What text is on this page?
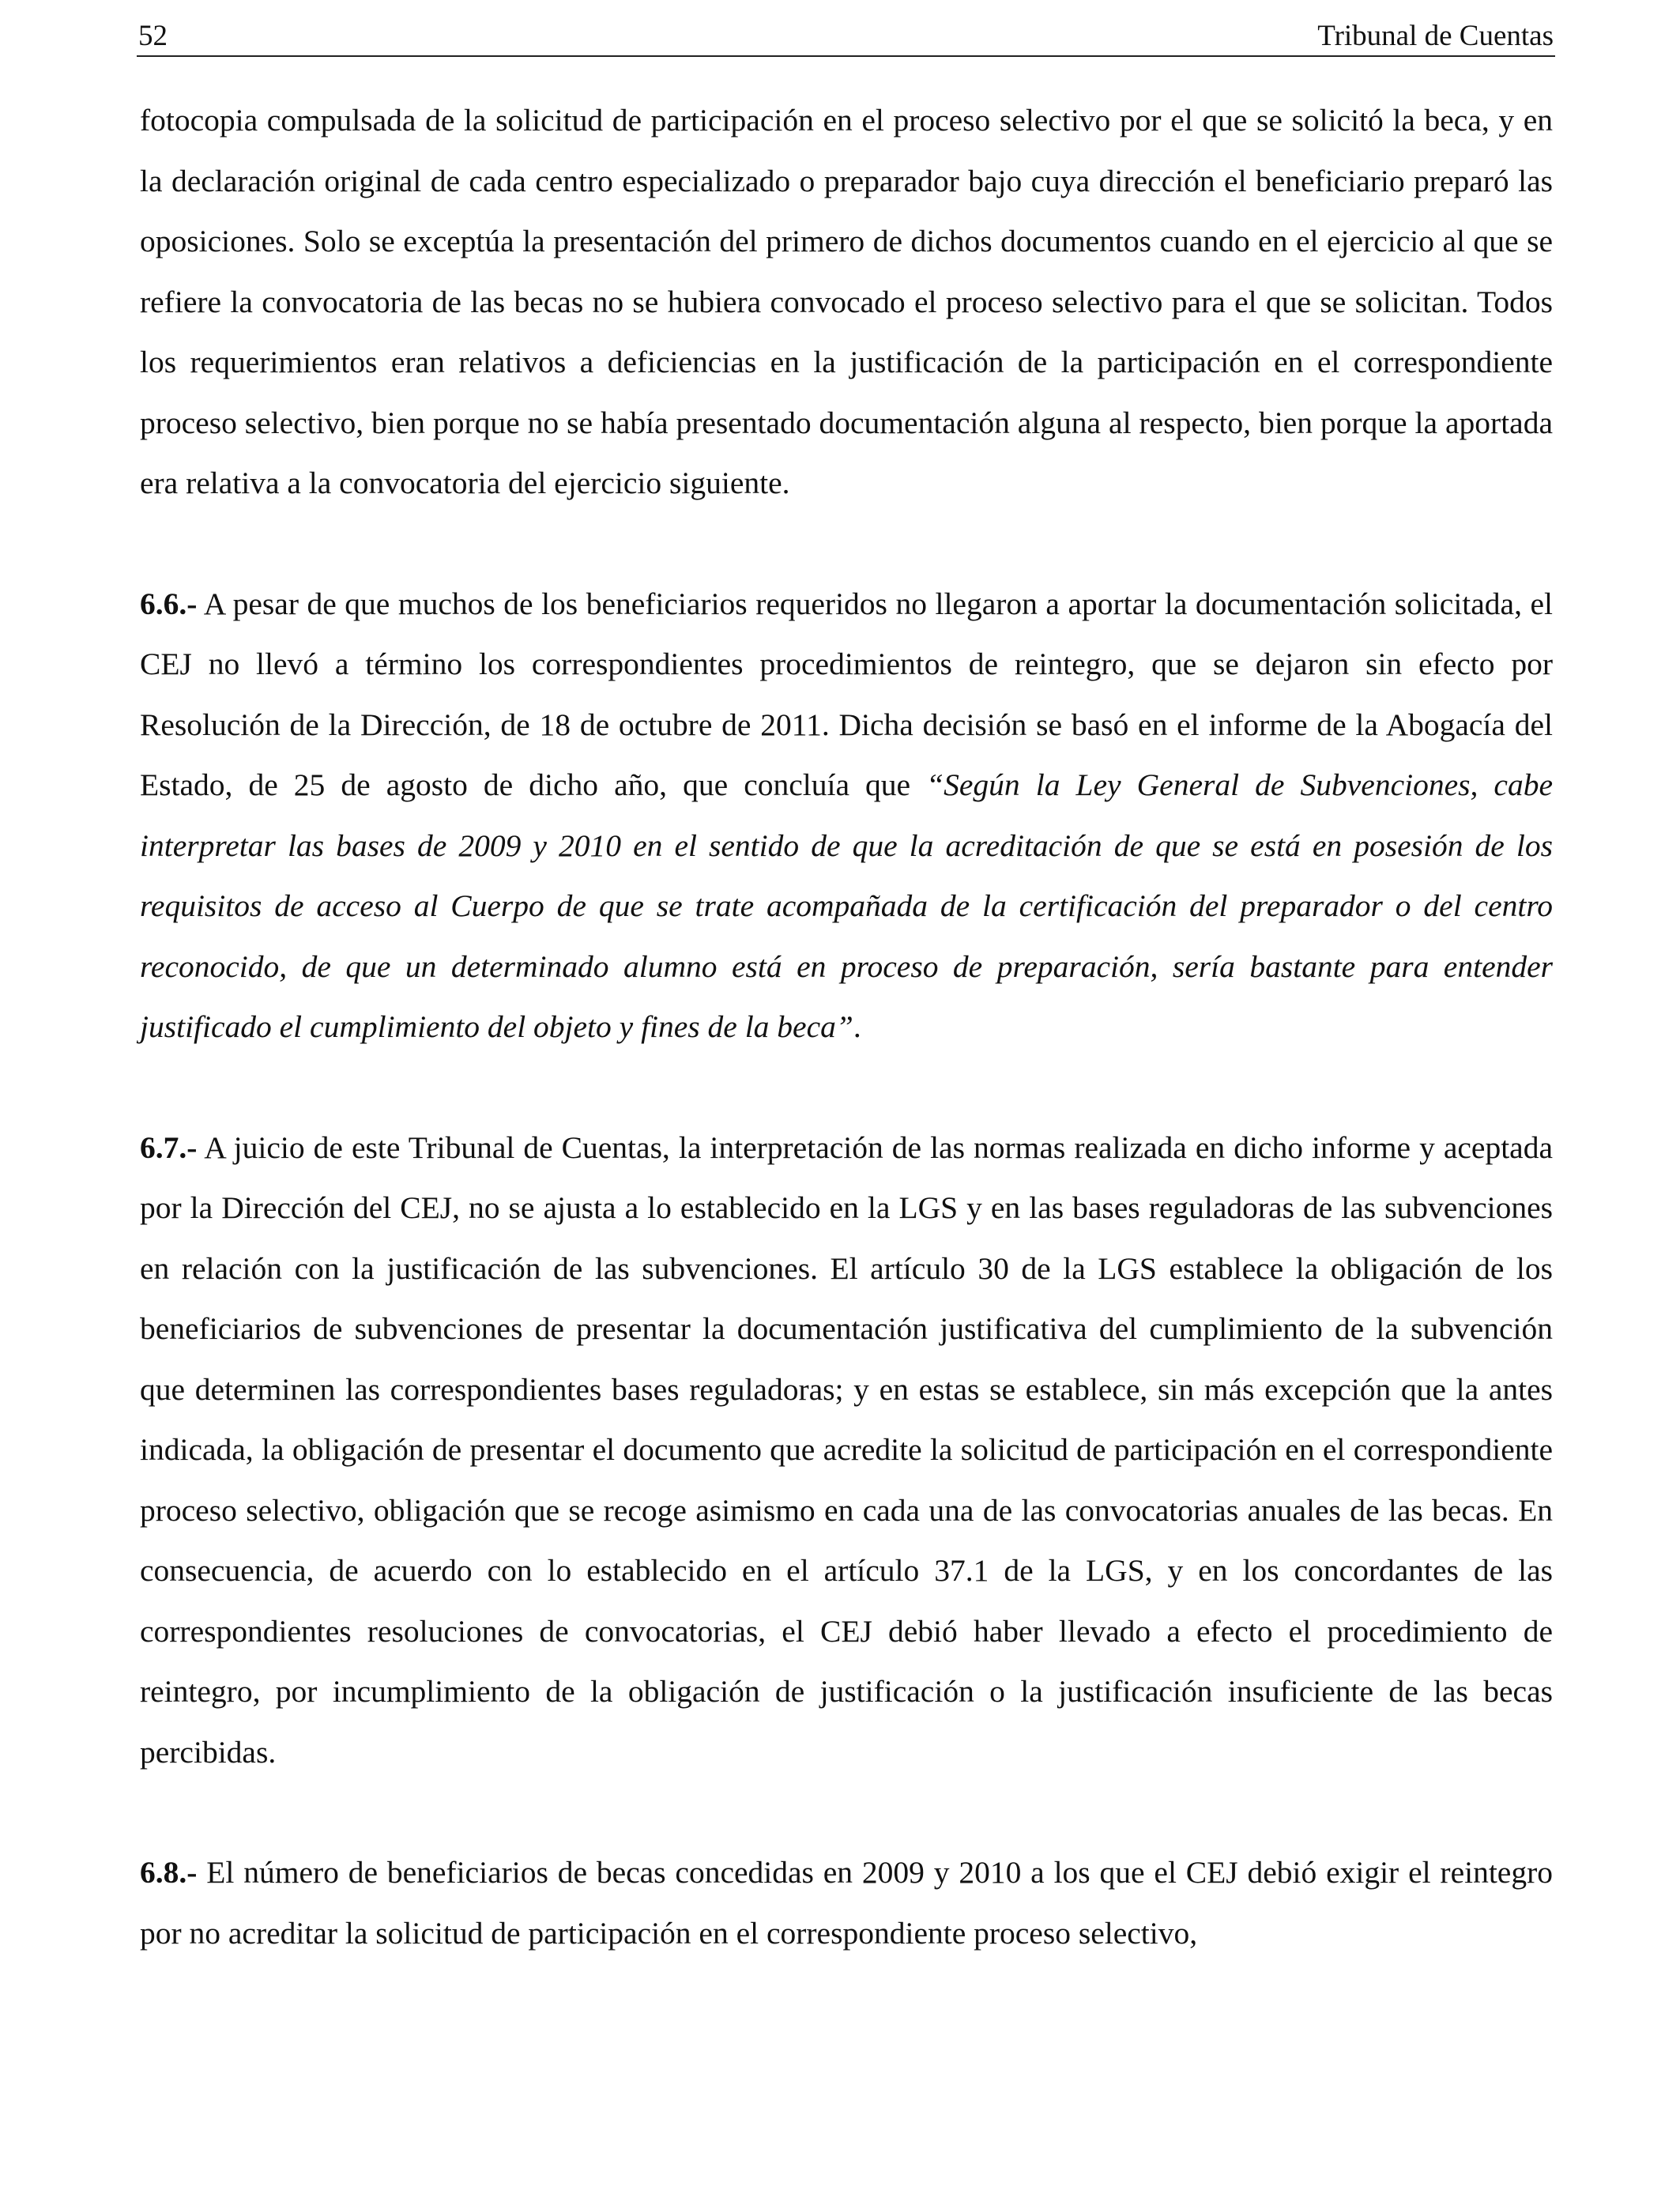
52	Tribunal de Cuentas

fotocopia compulsada de la solicitud de participación en el proceso selectivo por el que se solicitó la beca, y en la declaración original de cada centro especializado o preparador bajo cuya dirección el beneficiario preparó las oposiciones. Solo se exceptúa la presentación del primero de dichos documentos cuando en el ejercicio al que se refiere la convocatoria de las becas no se hubiera convocado el proceso selectivo para el que se solicitan. Todos los requerimientos eran relativos a deficiencias en la justificación de la participación en el correspondiente proceso selectivo, bien porque no se había presentado documentación alguna al respecto, bien porque la aportada era relativa a la convocatoria del ejercicio siguiente.

6.6.- A pesar de que muchos de los beneficiarios requeridos no llegaron a aportar la documentación solicitada, el CEJ no llevó a término los correspondientes procedimientos de reintegro, que se dejaron sin efecto por Resolución de la Dirección, de 18 de octubre de 2011. Dicha decisión se basó en el informe de la Abogacía del Estado, de 25 de agosto de dicho año, que concluía que “Según la Ley General de Subvenciones, cabe interpretar las bases de 2009 y 2010 en el sentido de que la acreditación de que se está en posesión de los requisitos de acceso al Cuerpo de que se trate acompañada de la certificación del preparador o del centro reconocido, de que un determinado alumno está en proceso de preparación, sería bastante para entender justificado el cumplimiento del objeto y fines de la beca”.

6.7.- A juicio de este Tribunal de Cuentas, la interpretación de las normas realizada en dicho informe y aceptada por la Dirección del CEJ, no se ajusta a lo establecido en la LGS y en las bases reguladoras de las subvenciones en relación con la justificación de las subvenciones. El artículo 30 de la LGS establece la obligación de los beneficiarios de subvenciones de presentar la documentación justificativa del cumplimiento de la subvención que determinen las correspondientes bases reguladoras; y en estas se establece, sin más excepción que la antes indicada, la obligación de presentar el documento que acredite la solicitud de participación en el correspondiente proceso selectivo, obligación que se recoge asimismo en cada una de las convocatorias anuales de las becas. En consecuencia, de acuerdo con lo establecido en el artículo 37.1 de la LGS, y en los concordantes de las correspondientes resoluciones de convocatorias, el CEJ debió haber llevado a efecto el procedimiento de reintegro, por incumplimiento de la obligación de justificación o la justificación insuficiente de las becas percibidas.

6.8.- El número de beneficiarios de becas concedidas en 2009 y 2010 a los que el CEJ debió exigir el reintegro por no acreditar la solicitud de participación en el correspondiente proceso selectivo,
